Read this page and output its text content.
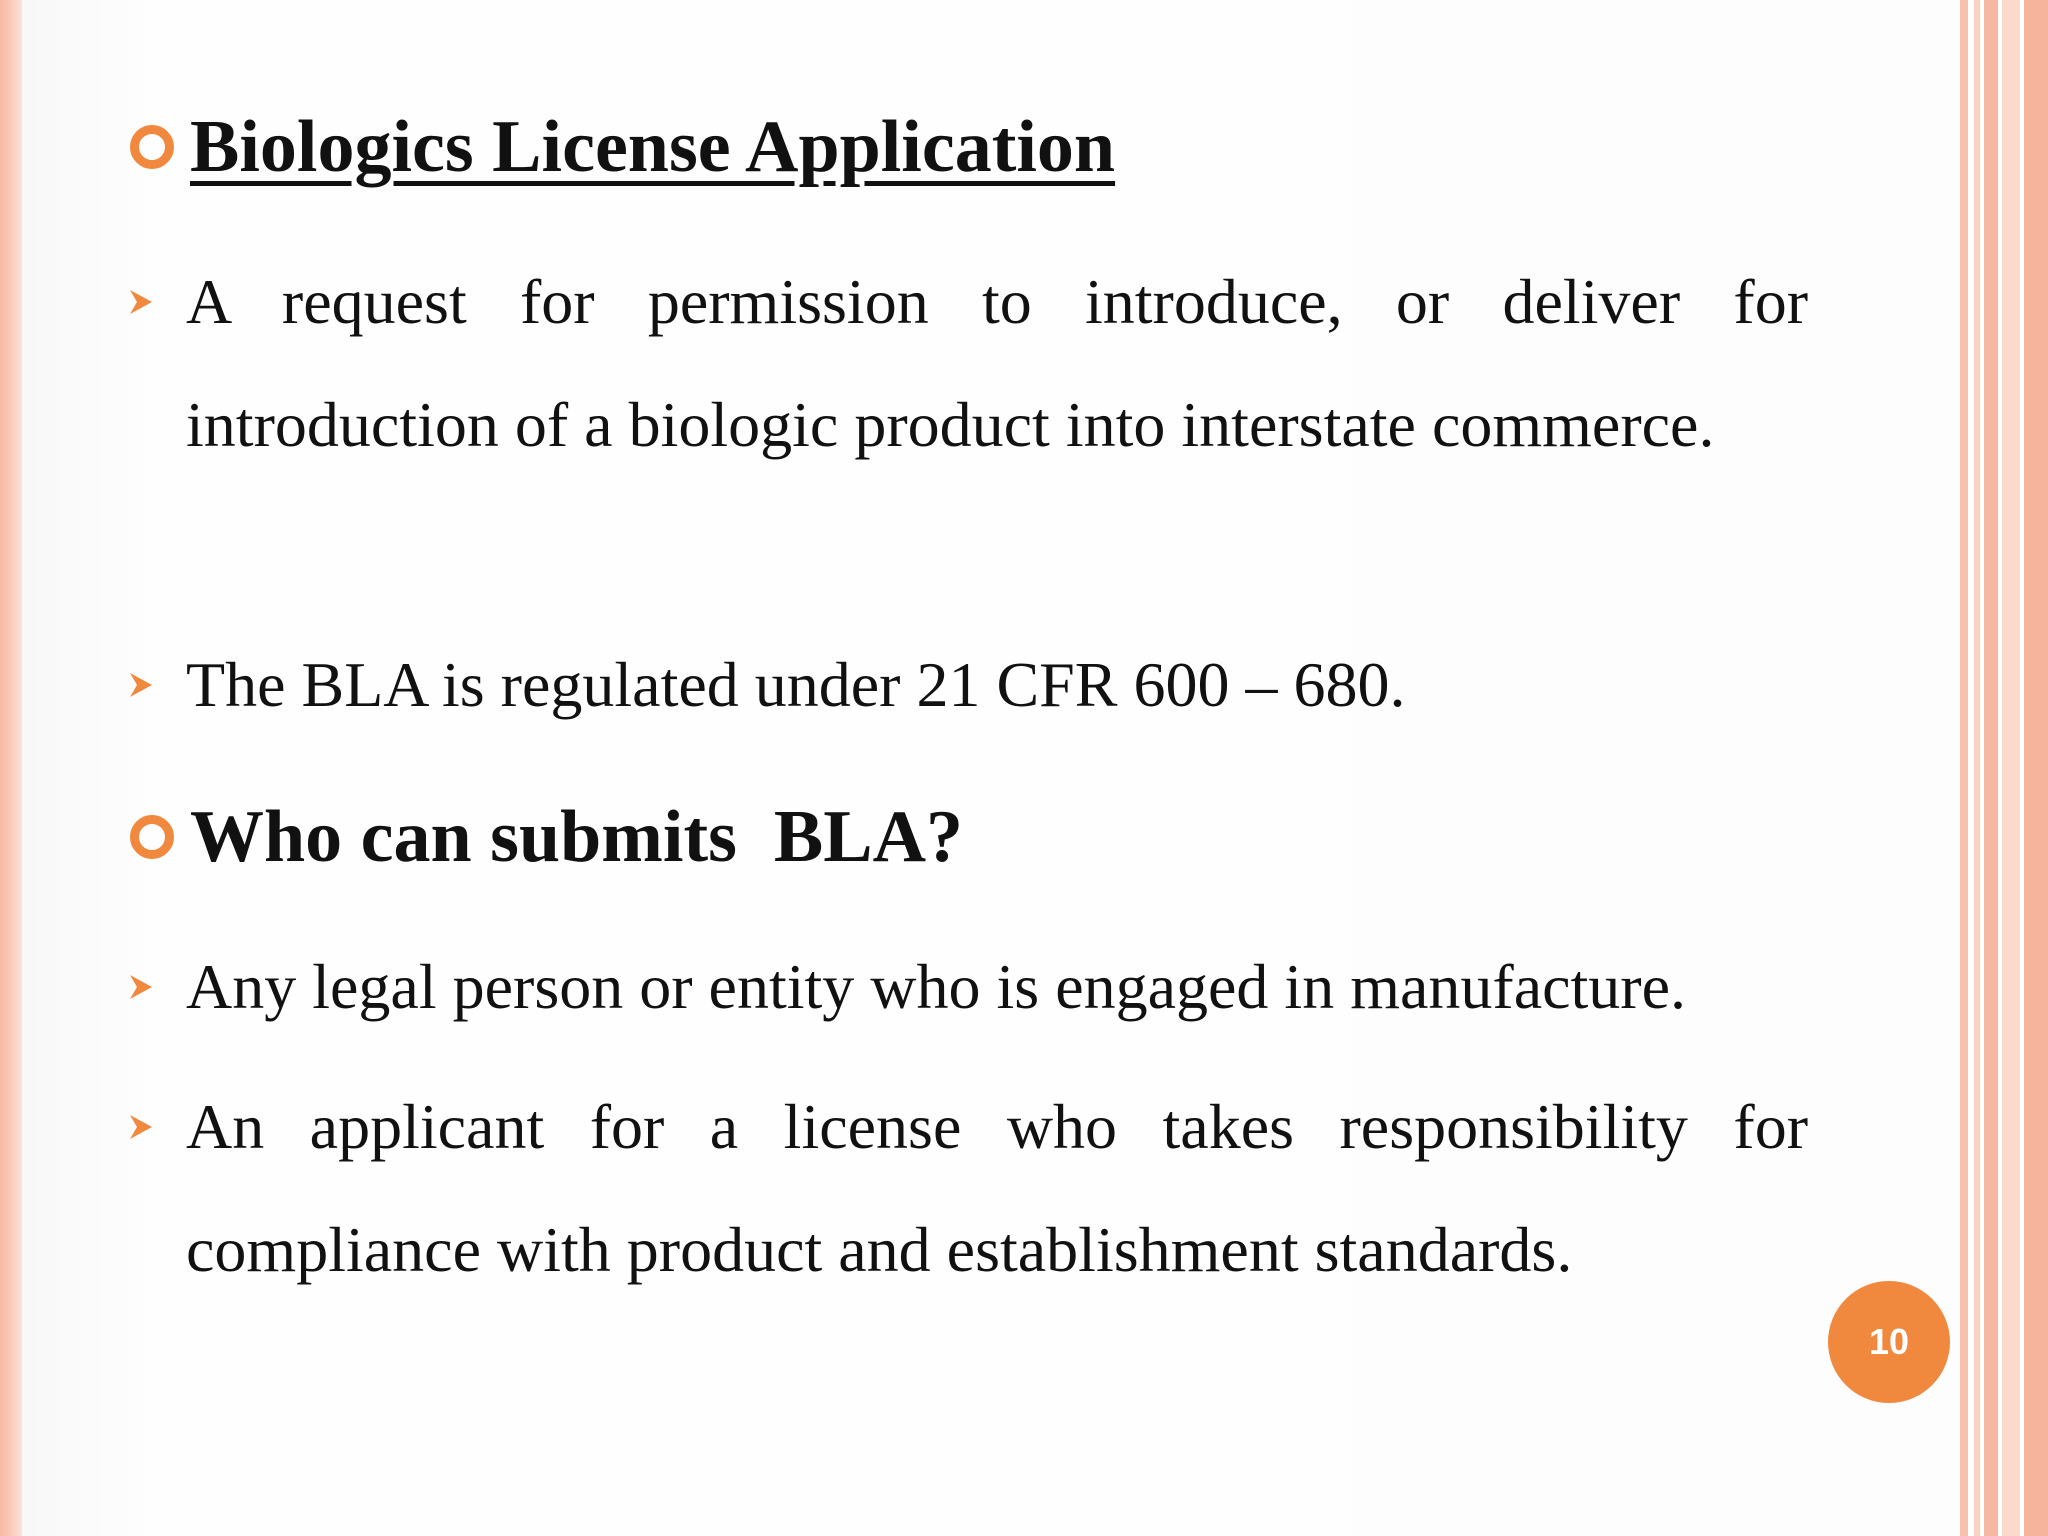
Biologics License Application
A request for permission to introduce, or deliver for introduction of a biologic product into interstate commerce.
The BLA is regulated under 21 CFR 600 – 680.
Who can submits  BLA?
Any legal person or entity who is engaged in manufacture.
An applicant for a license who takes responsibility for compliance with product and establishment standards.
10
